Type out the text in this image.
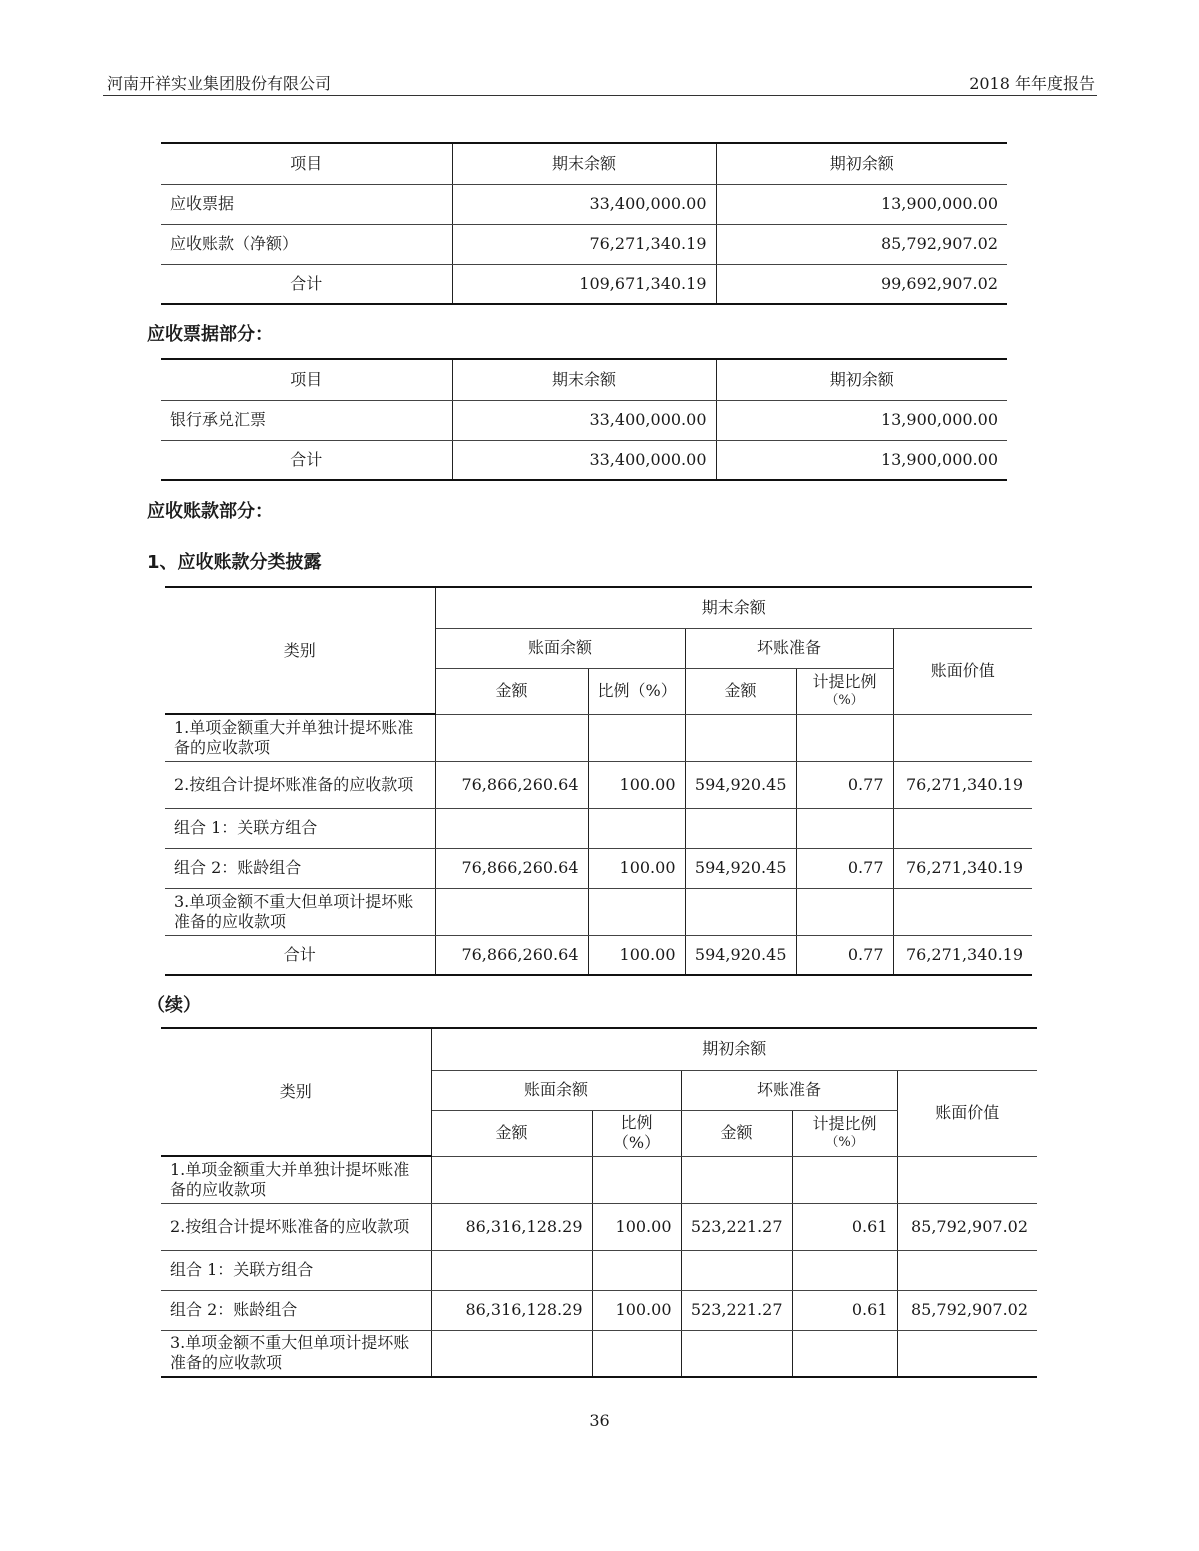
河南开祥实业集团股份有限公司	2018 年年度报告
项目	期末余额	期初余额
应收票据	33,400,000.00	13,900,000.00
应收账款（净额）	76,271,340.19	85,792,907.02
合计	109,671,340.19	99,692,907.02
应收票据部分：
项目	期末余额	期初余额
银行承兑汇票	33,400,000.00	13,900,000.00
合计	33,400,000.00	13,900,000.00
应收账款部分：
1、应收账款分类披露
类别	期末余额				
	账面余额		坏账准备		账面价值
	金额	比例（%）	金额	计提比例
（%）	

1.单项金额重大并单独计提坏账准备的应收款项					
2.按组合计提坏账准备的应收款项	76,866,260.64	100.00	594,920.45	0.77	76,271,340.19
组合 1：关联方组合					
组合 2：账龄组合	76,866,260.64	100.00	594,920.45	0.77	76,271,340.19
3.单项金额不重大但单项计提坏账准备的应收款项					
合计	76,866,260.64	100.00	594,920.45	0.77	76,271,340.19
（续）
类别	期初余额				
	账面余额		坏账准备		账面价值
	金额	比例（%）	金额	计提比例
（%）	

1.单项金额重大并单独计提坏账准备的应收款项					
2.按组合计提坏账准备的应收款项	86,316,128.29	100.00	523,221.27	0.61	85,792,907.02
组合 1：关联方组合					
组合 2：账龄组合	86,316,128.29	100.00	523,221.27	0.61	85,792,907.02
3.单项金额不重大但单项计提坏账准备的应收款项					
36
